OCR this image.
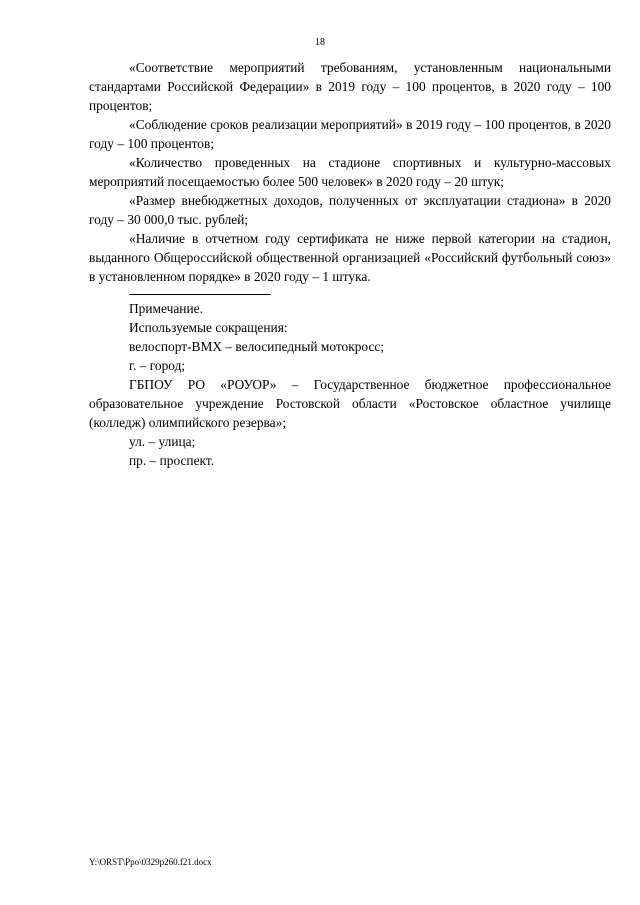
18

«Соответствие мероприятий требованиям, установленным национальными стандартами Российской Федерации» в 2019 году – 100 процентов, в 2020 году – 100 процентов;

«Соблюдение сроков реализации мероприятий» в 2019 году – 100 процентов, в 2020 году – 100 процентов;

«Количество проведенных на стадионе спортивных и культурно-массовых мероприятий посещаемостью более 500 человек» в 2020 году – 20 штук;

«Размер внебюджетных доходов, полученных от эксплуатации стадиона» в 2020 году – 30 000,0 тыс. рублей;

«Наличие в отчетном году сертификата не ниже первой категории на стадион, выданного Общероссийской общественной организацией «Российский футбольный союз» в установленном порядке» в 2020 году – 1 штука.

Примечание.

Используемые сокращения:

велоспорт-BMX – велосипедный мотокросс;

г. – город;

ГБПОУ РО «РОУОР» – Государственное бюджетное профессиональное образовательное учреждение Ростовской области «Ростовское областное училище (колледж) олимпийского резерва»;

ул. – улица;

пр. – проспект.

Y:\ORST\Ppo\0329p260.f21.docx
